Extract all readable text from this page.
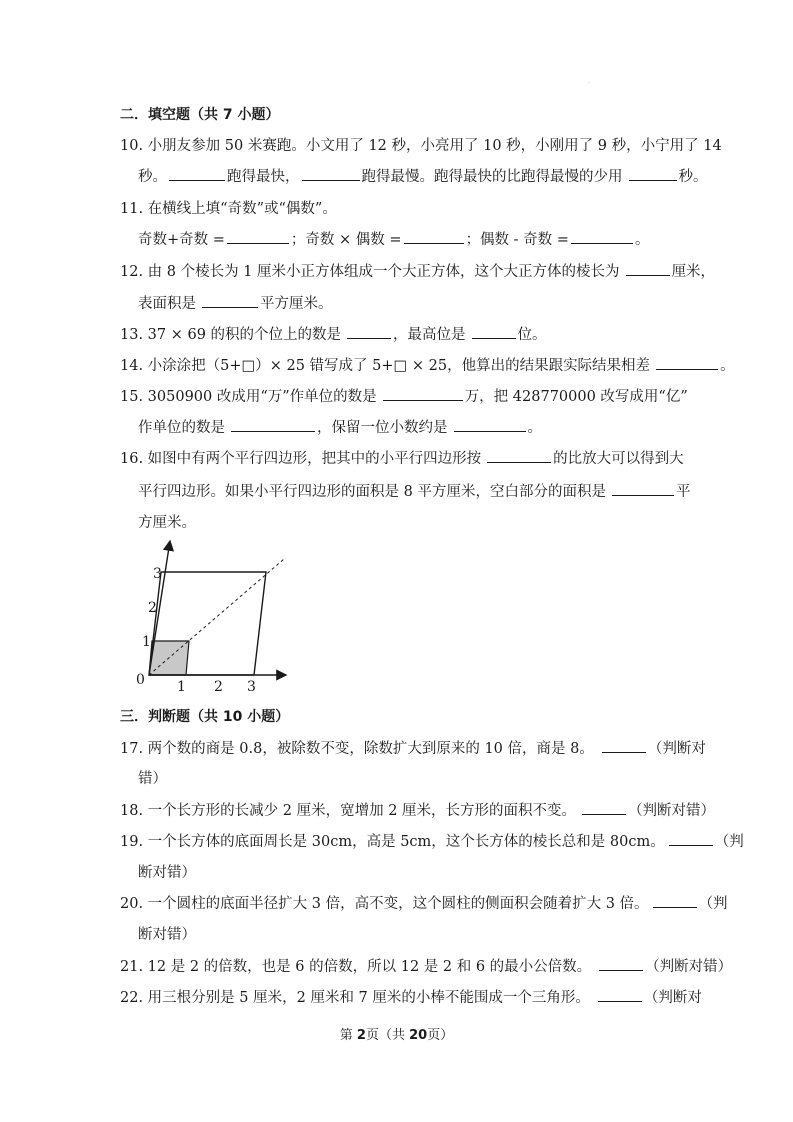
·
二．填空题（共 7 小题）
10. 小朋友参加 50 米赛跑。小文用了 12 秒，小亮用了 10 秒，小刚用了 9 秒，小宁用了 14
秒。	跑得最快，	跑得最慢。跑得最快的比跑得最慢的少用	秒。
11. 在横线上填“奇数”或“偶数”。
奇数+奇数 =	；奇数 × 偶数 =	；偶数 - 奇数 =	。
12. 由 8 个棱长为 1 厘米小正方体组成一个大正方体，这个大正方体的棱长为	厘米，
表面积是	平方厘米。
13. 37 × 69 的积的个位上的数是	，最高位是	位。
14. 小涂涂把（5+□）× 25 错写成了 5+□ × 25，他算出的结果跟实际结果相差	。
15. 3050900 改成用“万”作单位的数是	万，把 428770000 改写成用“亿”
作单位的数是	，保留一位小数约是	。
16. 如图中有两个平行四边形，把其中的小平行四边形按	的比放大可以得到大
平行四边形。如果小平行四边形的面积是 8 平方厘米，空白部分的面积是	平
方厘米。
1
2
3
0 1 2 3
三．判断题（共 10 小题）
17. 两个数的商是 0.8，被除数不变，除数扩大到原来的 10 倍，商是 8。	（判断对
错）
18. 一个长方形的长减少 2 厘米，宽增加 2 厘米，长方形的面积不变。	（判断对错）
19. 一个长方体的底面周长是 30cm，高是 5cm，这个长方体的棱长总和是 80cm。	（判
断对错）
20. 一个圆柱的底面半径扩大 3 倍，高不变，这个圆柱的侧面积会随着扩大 3 倍。	（判
断对错）
21. 12 是 2 的倍数，也是 6 的倍数，所以 12 是 2 和 6 的最小公倍数。	（判断对错）
22. 用三根分别是 5 厘米，2 厘米和 7 厘米的小棒不能围成一个三角形。	（判断对
第 2页（共 20页）
